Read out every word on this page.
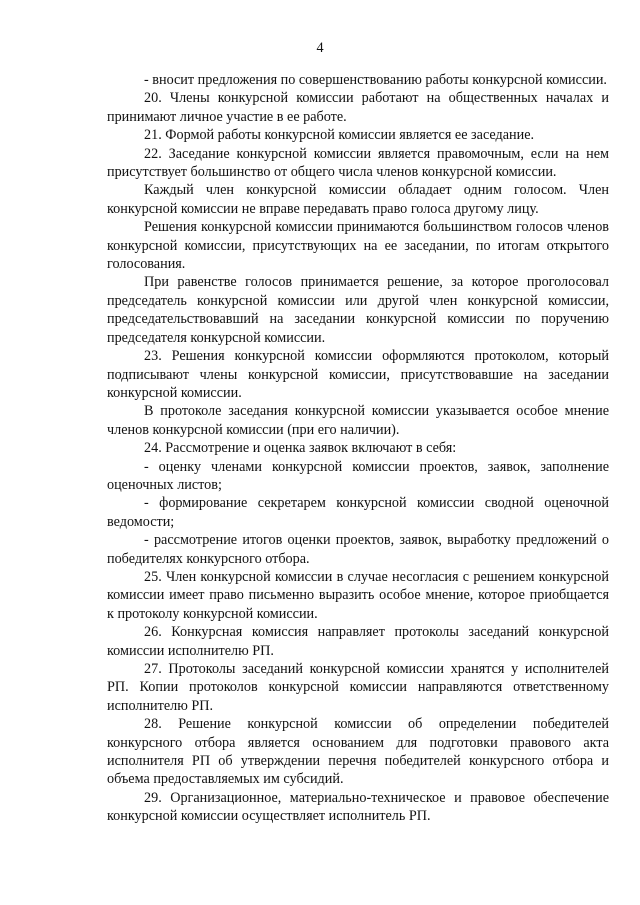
4

- вносит предложения по совершенствованию работы конкурсной комиссии.

20. Члены конкурсной комиссии работают на общественных началах и принимают личное участие в ее работе.

21. Формой работы конкурсной комиссии является ее заседание.

22. Заседание конкурсной комиссии является правомочным, если на нем присутствует большинство от общего числа членов конкурсной комиссии.

Каждый член конкурсной комиссии обладает одним голосом. Член конкурсной комиссии не вправе передавать право голоса другому лицу.

Решения конкурсной комиссии принимаются большинством голосов членов конкурсной комиссии, присутствующих на ее заседании, по итогам открытого голосования.

При равенстве голосов принимается решение, за которое проголосовал председатель конкурсной комиссии или другой член конкурсной комиссии, председательствовавший на заседании конкурсной комиссии по поручению председателя конкурсной комиссии.

23. Решения конкурсной комиссии оформляются протоколом, который подписывают члены конкурсной комиссии, присутствовавшие на заседании конкурсной комиссии.

В протоколе заседания конкурсной комиссии указывается особое мнение членов конкурсной комиссии (при его наличии).

24. Рассмотрение и оценка заявок включают в себя:

- оценку членами конкурсной комиссии проектов, заявок, заполнение оценочных листов;

- формирование секретарем конкурсной комиссии сводной оценочной ведомости;

- рассмотрение итогов оценки проектов, заявок, выработку предложений о победителях конкурсного отбора.

25. Член конкурсной комиссии в случае несогласия с решением конкурсной комиссии имеет право письменно выразить особое мнение, которое приобщается к протоколу конкурсной комиссии.

26. Конкурсная комиссия направляет протоколы заседаний конкурсной комиссии исполнителю РП.

27. Протоколы заседаний конкурсной комиссии хранятся у исполнителей РП. Копии протоколов конкурсной комиссии направляются ответственному исполнителю РП.

28. Решение конкурсной комиссии об определении победителей конкурсного отбора является основанием для подготовки правового акта исполнителя РП об утверждении перечня победителей конкурсного отбора и объема предоставляемых им субсидий.

29. Организационное, материально-техническое и правовое обеспечение конкурсной комиссии осуществляет исполнитель РП.
